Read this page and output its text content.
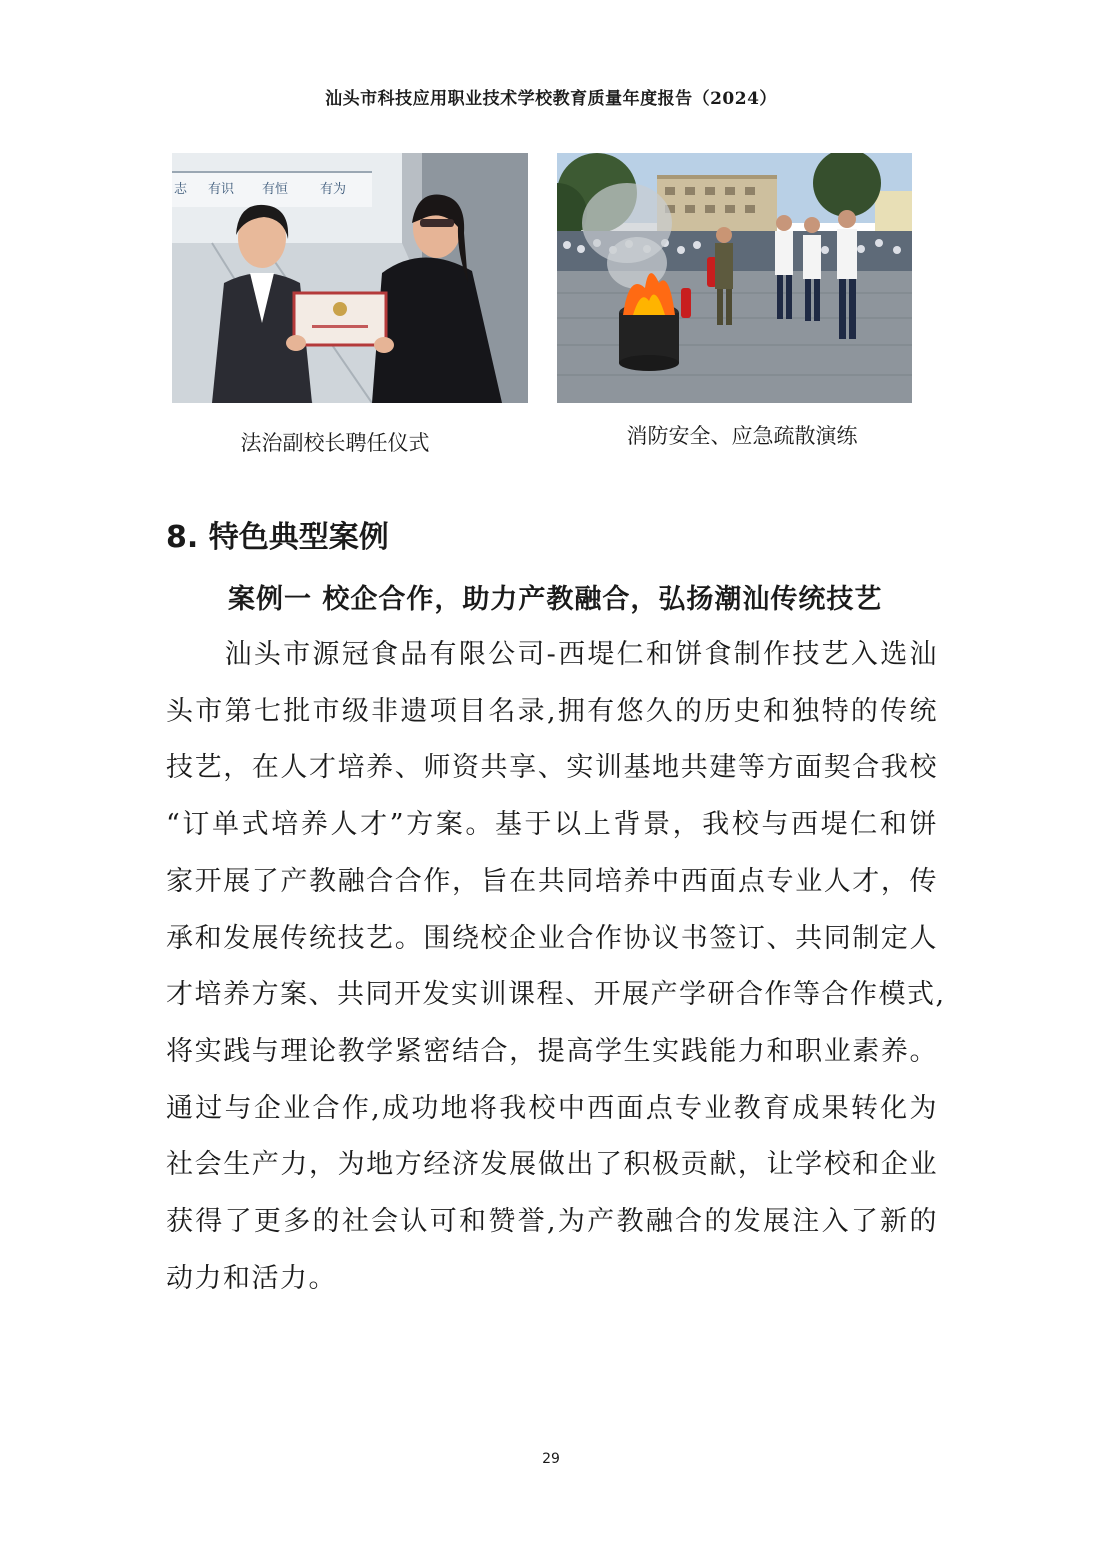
汕头市科技应用职业技术学校教育质量年度报告（2024）
志 有识 有恒 有为
法治副校长聘任仪式	消防安全、应急疏散演练
8. 特色典型案例
案例一 校企合作，助力产教融合，弘扬潮汕传统技艺
　　汕头市源冠食品有限公司-西堤仁和饼食制作技艺入选汕
头市第七批市级非遗项目名录,拥有悠久的历史和独特的传统
技艺，在人才培养、师资共享、实训基地共建等方面契合我校
“订单式培养人才”方案。基于以上背景，我校与西堤仁和饼
家开展了产教融合合作，旨在共同培养中西面点专业人才，传
承和发展传统技艺。围绕校企业合作协议书签订、共同制定人
才培养方案、共同开发实训课程、开展产学研合作等合作模式,
将实践与理论教学紧密结合，提高学生实践能力和职业素养。
通过与企业合作,成功地将我校中西面点专业教育成果转化为
社会生产力，为地方经济发展做出了积极贡献，让学校和企业
获得了更多的社会认可和赞誉,为产教融合的发展注入了新的
动力和活力。
29
